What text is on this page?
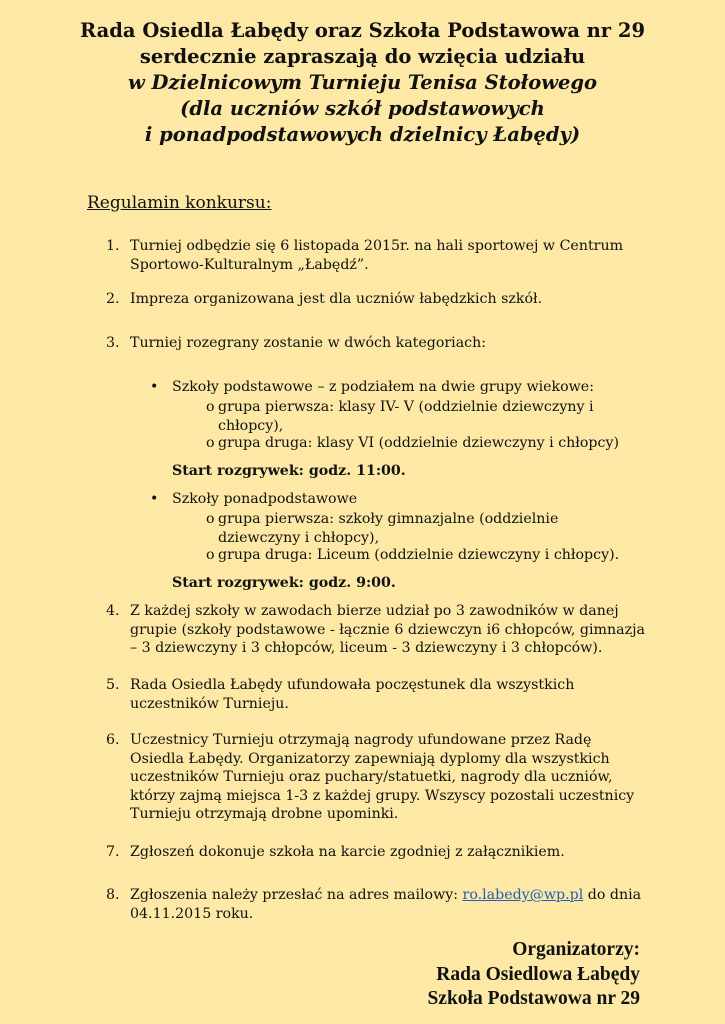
Rada Osiedla Łabędy oraz Szkoła Podstawowa nr 29
serdecznie zapraszają do wzięcia udziału
w Dzielnicowym Turnieju Tenisa Stołowego
(dla uczniów szkół podstawowych
i ponadpodstawowych dzielnicy Łabędy)
Regulamin konkursu:
1. Turniej odbędzie się 6 listopada 2015r. na hali sportowej w Centrum Sportowo-Kulturalnym „Łabędź”.
2. Impreza organizowana jest dla uczniów łabędzkich szkół.
3. Turniej rozegrany zostanie w dwóch kategoriach:
• Szkoły podstawowe – z podziałem na dwie grupy wiekowe:
o grupa pierwsza: klasy IV- V (oddzielnie dziewczyny i chłopcy),
o grupa druga: klasy VI (oddzielnie dziewczyny i chłopcy)
Start rozgrywek: godz. 11:00.
• Szkoły ponadpodstawowe
o grupa pierwsza: szkoły gimnazjalne (oddzielnie dziewczyny i chłopcy),
o grupa druga: Liceum (oddzielnie dziewczyny i chłopcy).
Start rozgrywek: godz. 9:00.
4. Z każdej szkoły w zawodach bierze udział po 3 zawodników w danej grupie (szkoły podstawowe - łącznie 6 dziewczyn i6 chłopców, gimnazja – 3 dziewczyny i 3 chłopców, liceum - 3 dziewczyny i 3 chłopców).
5. Rada Osiedla Łabędy ufundowała poczęstunek dla wszystkich uczestników Turnieju.
6. Uczestnicy Turnieju otrzymają nagrody ufundowane przez Radę Osiedla Łabędy. Organizatorzy zapewniają dyplomy dla wszystkich uczestników Turnieju oraz puchary/statuetki, nagrody dla uczniów, którzy zajmą miejsca 1-3 z każdej grupy. Wszyscy pozostali uczestnicy Turnieju otrzymają drobne upominki.
7. Zgłoszeń dokonuje szkoła na karcie zgodniej z załącznikiem.
8. Zgłoszenia należy przesłać na adres mailowy: ro.labedy@wp.pl do dnia 04.11.2015 roku.
Organizatorzy:
Rada Osiedlowa Łabędy
Szkoła Podstawowa nr 29
